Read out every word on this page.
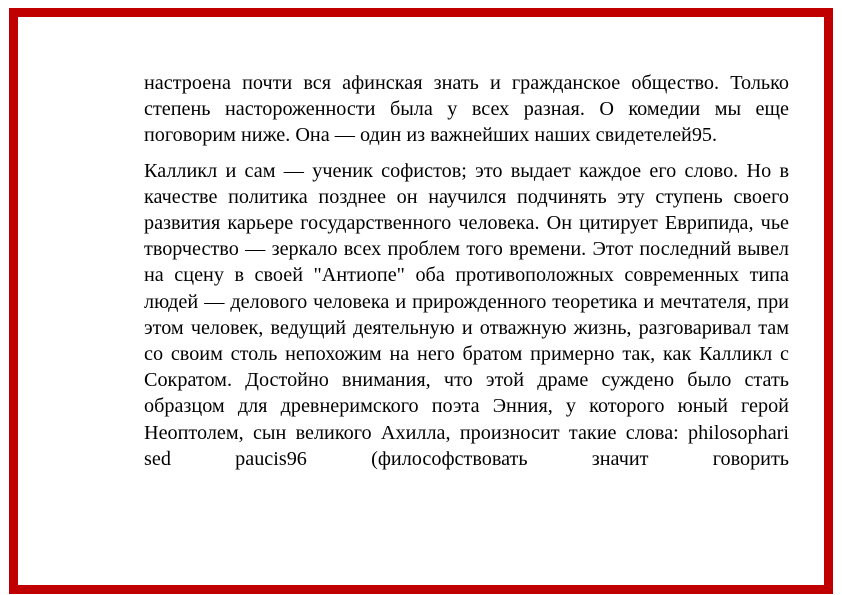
настроена почти вся афинская знать и гражданское общество. Только степень настороженности была у всех разная. О комедии мы еще поговорим ниже. Она — один из важнейших наших свидетелей95.

Калликл и сам — ученик софистов; это выдает каждое его слово. Но в качестве политика позднее он научился подчинять эту ступень своего развития карьере государственного человека. Он цитирует Еврипида, чье творчество — зеркало всех проблем того времени. Этот последний вывел на сцену в своей "Антиопе" оба противоположных современных типа людей — делового человека и прирожденного теоретика и мечтателя, при этом человек, ведущий деятельную и отважную жизнь, разговаривал там со своим столь непохожим на него братом примерно так, как Калликл с Сократом. Достойно внимания, что этой драме суждено было стать образцом для древнеримского поэта Энния, у которого юный герой Неоптолем, сын великого Ахилла, произносит такие слова: philosophari sed paucis96 (философствовать значит говорить
